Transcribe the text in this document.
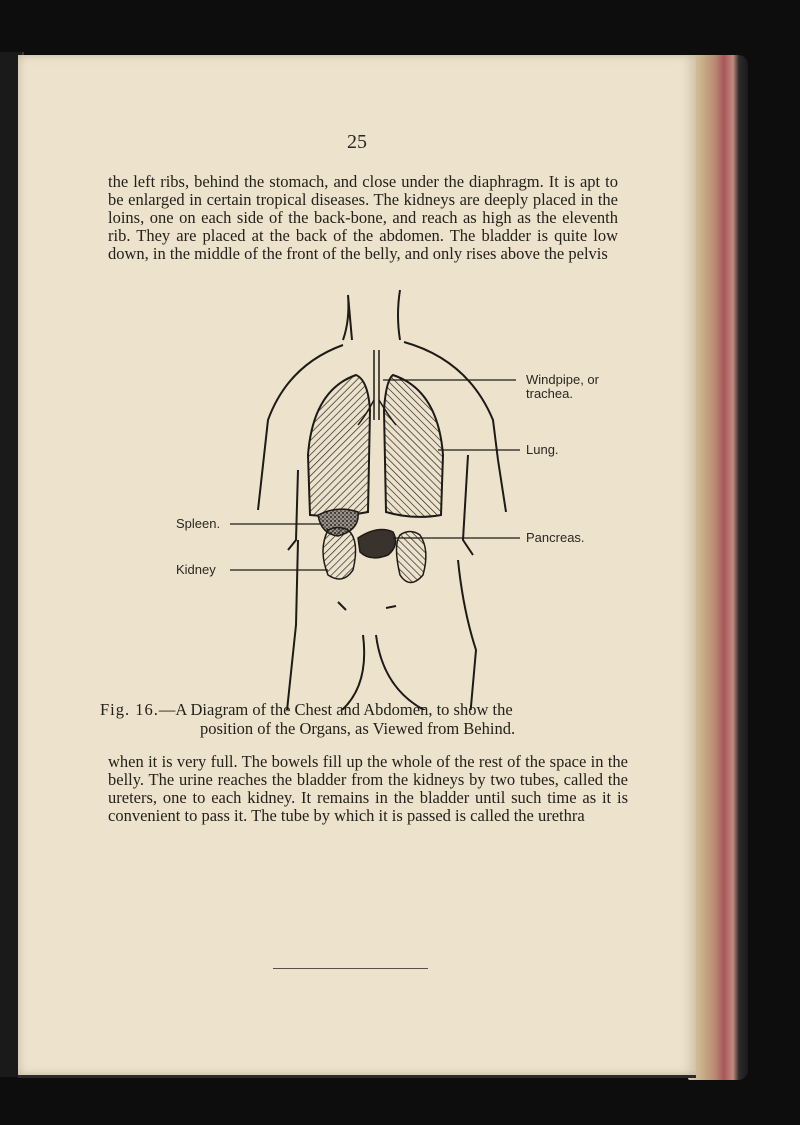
25

the left ribs, behind the stomach, and close under the diaphragm. It is apt to be enlarged in certain tropical diseases. The kidneys are deeply placed in the loins, one on each side of the back-bone, and reach as high as the eleventh rib. They are placed at the back of the abdomen. The bladder is quite low down, in the middle of the front of the belly, and only rises above the pelvis

Windpipe, or
trachea.
Lung.
Pancreas.
Spleen.
Kidney
Fig. 16.—A Diagram of the Chest and Abdomen, to show the
position of the Organs, as Viewed from Behind.

when it is very full. The bowels fill up the whole of the rest of the space in the belly. The urine reaches the bladder from the kidneys by two tubes, called the ureters, one to each kidney. It remains in the bladder until such time as it is convenient to pass it. The tube by which it is passed is called the urethra
